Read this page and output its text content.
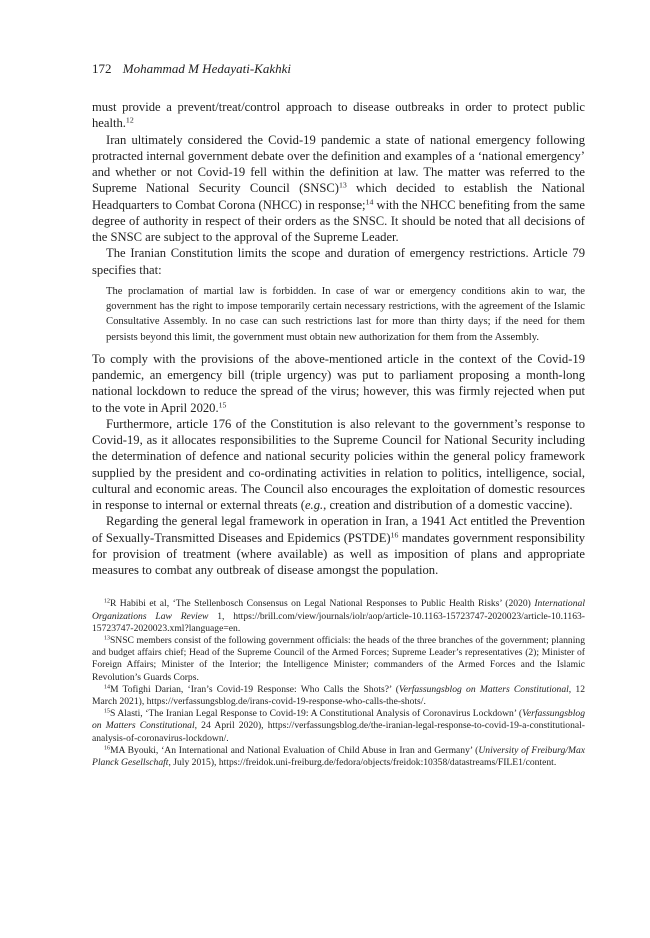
172 Mohammad M Hedayati-Kakhki

must provide a prevent/treat/control approach to disease outbreaks in order to protect public health.$^{12}$

Iran ultimately considered the Covid-19 pandemic a state of national emergency following protracted internal government debate over the definition and examples of a ‘national emergency’ and whether or not Covid-19 fell within the definition at law. The matter was referred to the Supreme National Security Council (SNSC)$^{13}$ which decided to establish the National Headquarters to Combat Corona (NHCC) in response;$^{14}$ with the NHCC benefiting from the same degree of authority in respect of their orders as the SNSC. It should be noted that all decisions of the SNSC are subject to the approval of the Supreme Leader.

The Iranian Constitution limits the scope and duration of emergency restrictions. Article 79 specifies that:

The proclamation of martial law is forbidden. In case of war or emergency conditions akin to war, the government has the right to impose temporarily certain necessary restrictions, with the agreement of the Islamic Consultative Assembly. In no case can such restrictions last for more than thirty days; if the need for them persists beyond this limit, the government must obtain new authorization for them from the Assembly.

To comply with the provisions of the above-mentioned article in the context of the Covid-19 pandemic, an emergency bill (triple urgency) was put to parliament proposing a month-long national lockdown to reduce the spread of the virus; however, this was firmly rejected when put to the vote in April 2020.15

Furthermore, article 176 of the Constitution is also relevant to the government’s response to Covid-19, as it allocates responsibilities to the Supreme Council for National Security including the determination of defence and national security policies within the general policy framework supplied by the president and co-ordinating activities in relation to politics, intelligence, social, cultural and economic areas. The Council also encourages the exploitation of domestic resources in response to internal or external threats (e.g., creation and distribution of a domestic vaccine).

Regarding the general legal framework in operation in Iran, a 1941 Act entitled the Prevention of Sexually-Transmitted Diseases and Epidemics (PSTDE)$^{16}$ mandates government responsibility for provision of treatment (where available) as well as imposition of plans and appropriate measures to combat any outbreak of disease amongst the population.

$^{12}$R Habibi et al, ‘The Stellenbosch Consensus on Legal National Responses to Public Health Risks’ (2020) International Organizations Law Review 1, https://brill.com/view/journals/iolr/aop/article-10.1163-15723747-2020023/article-10.1163-15723747-2020023.xml?language=en.

$^{13}$SNSC members consist of the following government officials: the heads of the three branches of the government; planning and budget affairs chief; Head of the Supreme Council of the Armed Forces; Supreme Leader’s representatives (2); Minister of Foreign Affairs; Minister of the Interior; the Intelligence Minister; commanders of the Armed Forces and the Islamic Revolution’s Guards Corps.

$^{14}$M Tofighi Darian, ‘Iran’s Covid-19 Response: Who Calls the Shots?’ (Verfassungsblog on Matters Constitutional, 12 March 2021), https://verfassungsblog.de/irans-covid-19-response-who-calls-the-shots/.

$^{15}$S Alasti, ‘The Iranian Legal Response to Covid-19: A Constitutional Analysis of Coronavirus Lockdown’ (Verfassungsblog on Matters Constitutional, 24 April 2020), https://verfassungsblog.de/the-iranian-legal-response-to-covid-19-a-constitutional-analysis-of-coronavirus-lockdown/.

$^{16}$MA Byouki, ‘An International and National Evaluation of Child Abuse in Iran and Germany’ (University of Freiburg/Max Planck Gesellschaft, July 2015), https://freidok.uni-freiburg.de/fedora/objects/freidok:10358/datastreams/FILE1/content.
